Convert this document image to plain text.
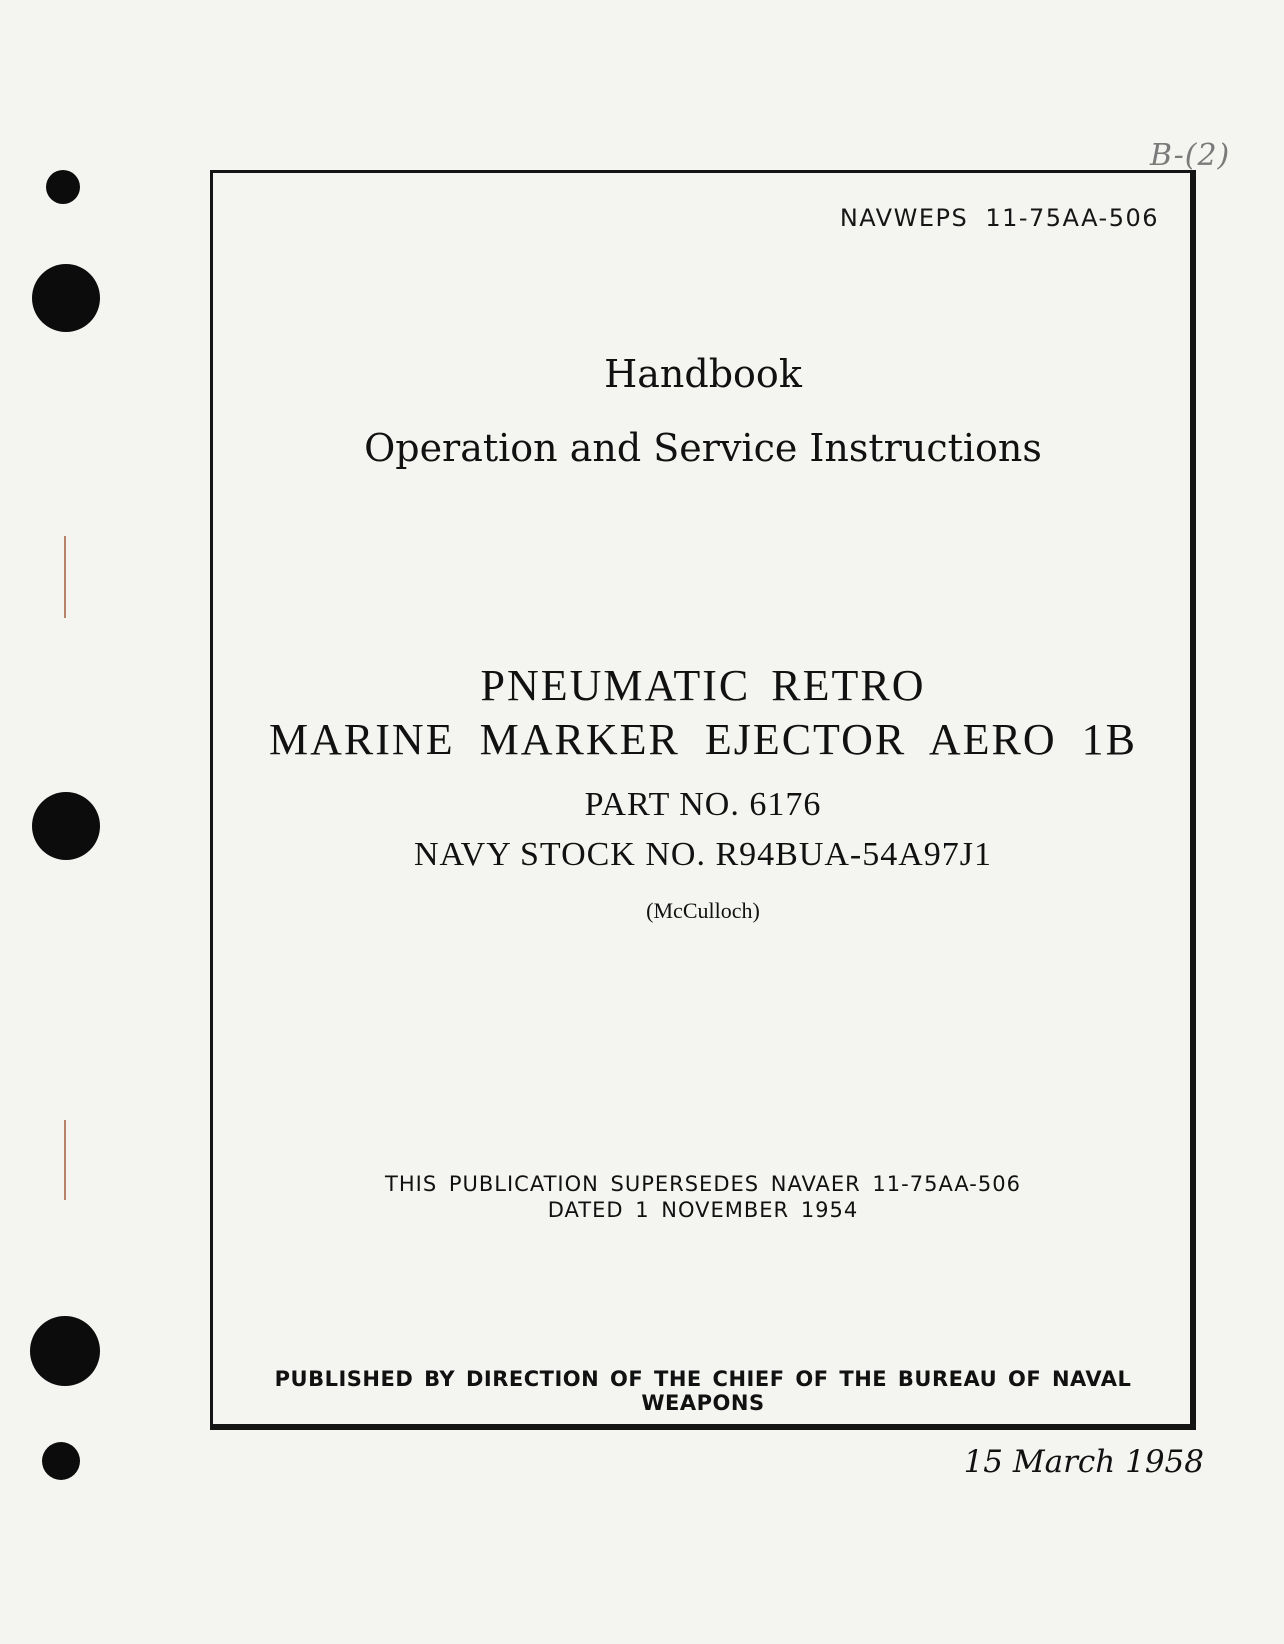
B-(2)
NAVWEPS 11-75AA-506
Handbook
Operation and Service Instructions
PNEUMATIC RETRO
MARINE MARKER EJECTOR AERO 1B
PART NO. 6176
NAVY STOCK NO. R94BUA-54A97J1
(McCulloch)
THIS PUBLICATION SUPERSEDES NAVAER 11-75AA-506
DATED 1 NOVEMBER 1954
PUBLISHED BY DIRECTION OF THE CHIEF OF THE BUREAU OF NAVAL WEAPONS
15 March 1958
